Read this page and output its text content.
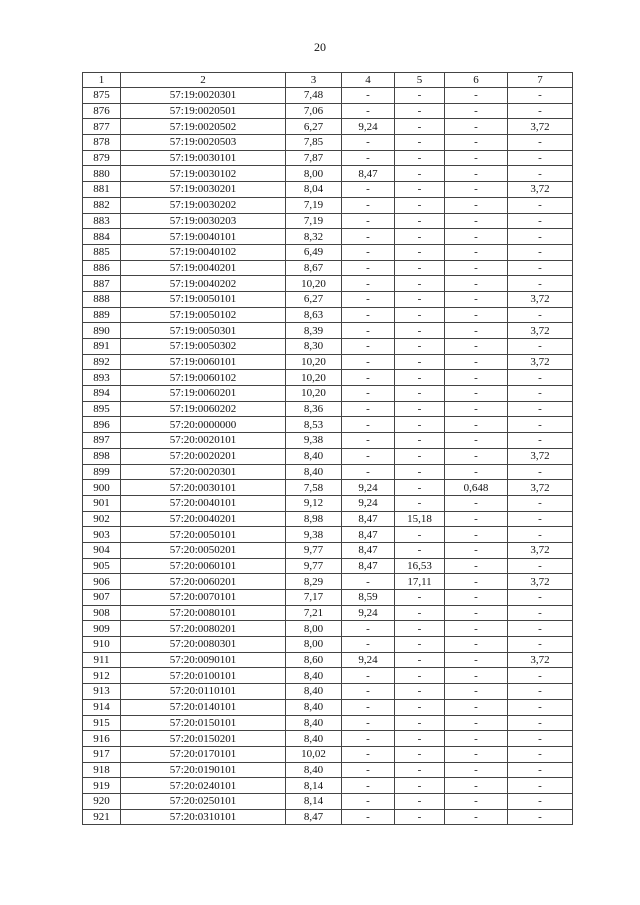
20
1	2	3	4	5	6	7
875	57:19:0020301	7,48	-	-	-	-
876	57:19:0020501	7,06	-	-	-	-
877	57:19:0020502	6,27	9,24	-	-	3,72
878	57:19:0020503	7,85	-	-	-	-
879	57:19:0030101	7,87	-	-	-	-
880	57:19:0030102	8,00	8,47	-	-	-
881	57:19:0030201	8,04	-	-	-	3,72
882	57:19:0030202	7,19	-	-	-	-
883	57:19:0030203	7,19	-	-	-	-
884	57:19:0040101	8,32	-	-	-	-
885	57:19:0040102	6,49	-	-	-	-
886	57:19:0040201	8,67	-	-	-	-
887	57:19:0040202	10,20	-	-	-	-
888	57:19:0050101	6,27	-	-	-	3,72
889	57:19:0050102	8,63	-	-	-	-
890	57:19:0050301	8,39	-	-	-	3,72
891	57:19:0050302	8,30	-	-	-	-
892	57:19:0060101	10,20	-	-	-	3,72
893	57:19:0060102	10,20	-	-	-	-
894	57:19:0060201	10,20	-	-	-	-
895	57:19:0060202	8,36	-	-	-	-
896	57:20:0000000	8,53	-	-	-	-
897	57:20:0020101	9,38	-	-	-	-
898	57:20:0020201	8,40	-	-	-	3,72
899	57:20:0020301	8,40	-	-	-	-
900	57:20:0030101	7,58	9,24	-	0,648	3,72
901	57:20:0040101	9,12	9,24	-	-	-
902	57:20:0040201	8,98	8,47	15,18	-	-
903	57:20:0050101	9,38	8,47	-	-	-
904	57:20:0050201	9,77	8,47	-	-	3,72
905	57:20:0060101	9,77	8,47	16,53	-	-
906	57:20:0060201	8,29	-	17,11	-	3,72
907	57:20:0070101	7,17	8,59	-	-	-
908	57:20:0080101	7,21	9,24	-	-	-
909	57:20:0080201	8,00	-	-	-	-
910	57:20:0080301	8,00	-	-	-	-
911	57:20:0090101	8,60	9,24	-	-	3,72
912	57:20:0100101	8,40	-	-	-	-
913	57:20:0110101	8,40	-	-	-	-
914	57:20:0140101	8,40	-	-	-	-
915	57:20:0150101	8,40	-	-	-	-
916	57:20:0150201	8,40	-	-	-	-
917	57:20:0170101	10,02	-	-	-	-
918	57:20:0190101	8,40	-	-	-	-
919	57:20:0240101	8,14	-	-	-	-
920	57:20:0250101	8,14	-	-	-	-
921	57:20:0310101	8,47	-	-	-	-
